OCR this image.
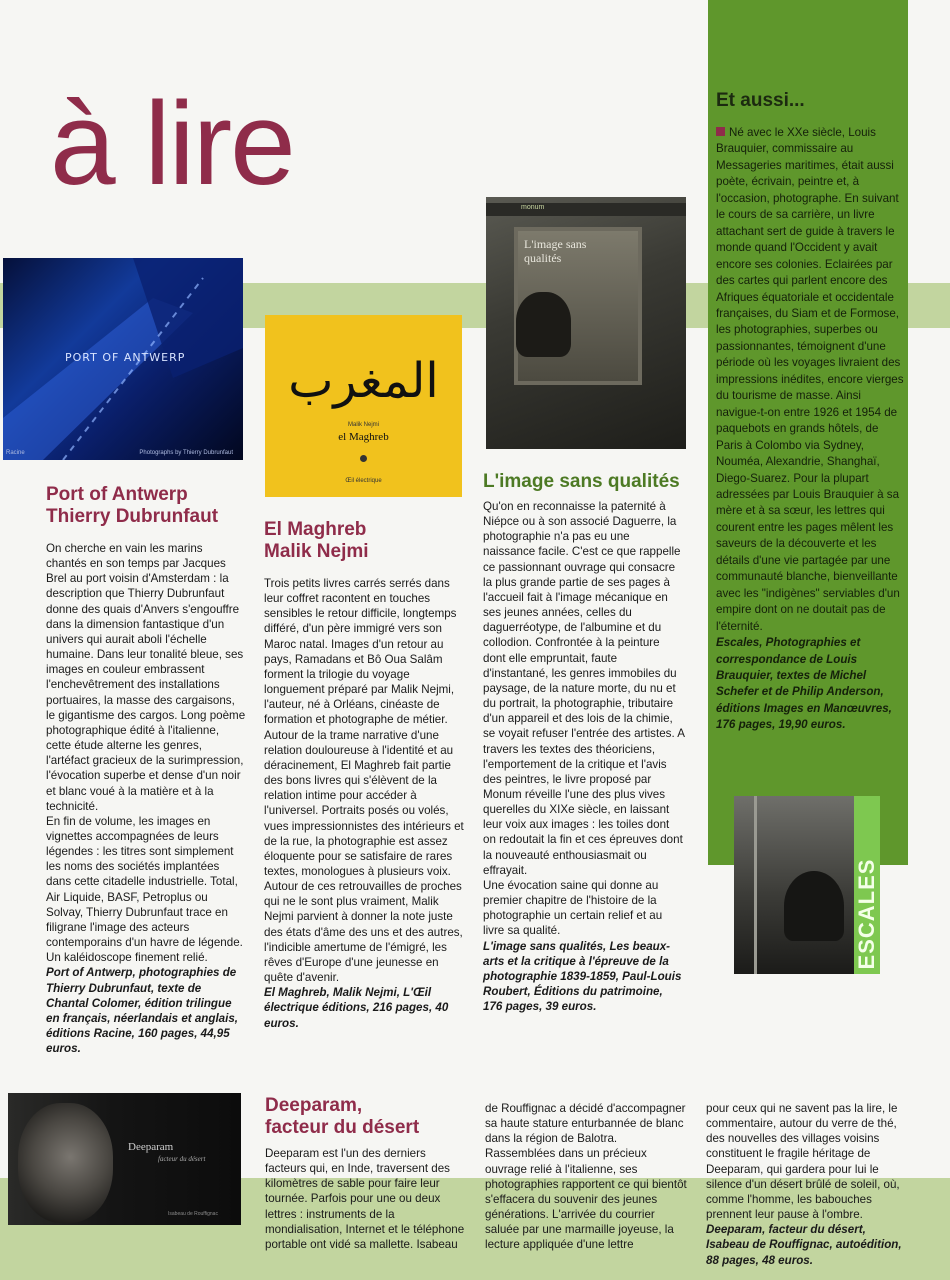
à lire
PORT OF ANTWERP
Photographs by Thierry Dubrunfaut
Racine
Port of Antwerp
Thierry Dubrunfaut

On cherche en vain les marins chantés en son temps par Jacques Brel au port voisin d'Amsterdam : la description que Thierry Dubrunfaut donne des quais d'Anvers s'engouffre dans la dimension fantastique d'un univers qui aurait aboli l'échelle humaine. Dans leur tonalité bleue, ses images en couleur embrassent l'enchevêtrement des installations portuaires, la masse des cargaisons, le gigantisme des cargos. Long poème photographique édité à l'italienne, cette étude alterne les genres, l'artéfact gracieux de la surimpression, l'évocation superbe et dense d'un noir et blanc voué à la matière et à la technicité.

En fin de volume, les images en vignettes accompagnées de leurs légendes : les titres sont simplement les noms des sociétés implantées dans cette citadelle industrielle. Total, Air Liquide, BASF, Petroplus ou Solvay, Thierry Dubrunfaut trace en filigrane l'image des acteurs contemporains d'un havre de légende. Un kaléidoscope finement relié.

Port of Antwerp, photographies de Thierry Dubrunfaut, texte de Chantal Colomer, édition trilingue en français, néerlandais et anglais, éditions Racine, 160 pages, 44,95 euros.
المغرب
Malik Nejmi
el Maghreb
Œil électrique
El Maghreb
Malik Nejmi

Trois petits livres carrés serrés dans leur coffret racontent en touches sensibles le retour difficile, longtemps différé, d'un père immigré vers son Maroc natal. Images d'un retour au pays, Ramadans et Bô Oua Salâm forment la trilogie du voyage longuement préparé par Malik Nejmi, l'auteur, né à Orléans, cinéaste de formation et photographe de métier. Autour de la trame narrative d'une relation douloureuse à l'identité et au déracinement, El Maghreb fait partie des bons livres qui s'élèvent de la relation intime pour accéder à l'universel. Portraits posés ou volés, vues impressionnistes des intérieurs et de la rue, la photographie est assez éloquente pour se satisfaire de rares textes, monologues à plusieurs voix. Autour de ces retrouvailles de proches qui ne le sont plus vraiment, Malik Nejmi parvient à donner la note juste des états d'âme des uns et des autres, l'indicible amertume de l'émigré, les rêves d'Europe d'une jeunesse en quête d'avenir.

El Maghreb, Malik Nejmi, L'Œil électrique éditions, 216 pages, 40 euros.
monum
L'image sans qualités
L'image sans qualités

Qu'on en reconnaisse la paternité à Niépce ou à son associé Daguerre, la photographie n'a pas eu une naissance facile. C'est ce que rappelle ce passionnant ouvrage qui consacre la plus grande partie de ses pages à l'accueil fait à l'image mécanique en ses jeunes années, celles du daguerréotype, de l'albumine et du collodion. Confrontée à la peinture dont elle empruntait, faute d'instantané, les genres immobiles du paysage, de la nature morte, du nu et du portrait, la photographie, tributaire d'un appareil et des lois de la chimie, se voyait refuser l'entrée des artistes. A travers les textes des théoriciens, l'emportement de la critique et l'avis des peintres, le livre proposé par Monum réveille l'une des plus vives querelles du XIXe siècle, en laissant leur voix aux images : les toiles dont on redoutait la fin et ces épreuves dont la nouveauté enthousiasmait ou effrayait.

Une évocation saine qui donne au premier chapitre de l'histoire de la photographie un certain relief et au livre sa qualité.

L'image sans qualités, Les beaux-arts et la critique à l'épreuve de la photographie 1839-1859, Paul-Louis Roubert, Éditions du patrimoine, 176 pages, 39 euros.
Et aussi...
Né avec le XXe siècle, Louis Brauquier, commissaire au Messageries maritimes, était aussi poète, écrivain, peintre et, à l'occasion, photographe. En suivant le cours de sa carrière, un livre attachant sert de guide à travers le monde quand l'Occident y avait encore ses colonies. Eclairées par des cartes qui parlent encore des Afriques équatoriale et occidentale françaises, du Siam et de Formose, les photographies, superbes ou passionnantes, témoignent d'une période où les voyages livraient des impressions inédites, encore vierges du tourisme de masse. Ainsi navigue-t-on entre 1926 et 1954 de paquebots en grands hôtels, de Paris à Colombo via Sydney, Nouméa, Alexandrie, Shanghaï, Diego-Suarez. Pour la plupart adressées par Louis Brauquier à sa mère et à sa sœur, les lettres qui courent entre les pages mêlent les saveurs de la découverte et les détails d'une vie partagée par une communauté blanche, bienveillante avec les "indigènes" serviables d'un empire dont on ne doutait pas de l'éternité.
Escales, Photographies et correspondance de Louis Brauquier, textes de Michel Schefer et de Philip Anderson, éditions Images en Manœuvres, 176 pages, 19,90 euros.
ESCALES
Deeparam
facteur du désert
Isabeau de Rouffignac
Deeparam,
facteur du désert

Deeparam est l'un des derniers facteurs qui, en Inde, traversent des kilomètres de sable pour faire leur tournée. Parfois pour une ou deux lettres : instruments de la mondialisation, Internet et le téléphone portable ont vidé sa mallette. Isabeau

de Rouffignac a décidé d'accompagner sa haute stature enturbannée de blanc dans la région de Balotra. Rassemblées dans un précieux ouvrage relié à l'italienne, ses photographies rapportent ce qui bientôt s'effacera du souvenir des jeunes générations. L'arrivée du courrier saluée par une marmaille joyeuse, la lecture appliquée d'une lettre

pour ceux qui ne savent pas la lire, le commentaire, autour du verre de thé, des nouvelles des villages voisins constituent le fragile héritage de Deeparam, qui gardera pour lui le silence d'un désert brûlé de soleil, où, comme l'homme, les babouches prennent leur pause à l'ombre.

Deeparam, facteur du désert, Isabeau de Rouffignac, autoédition, 88 pages, 48 euros.
